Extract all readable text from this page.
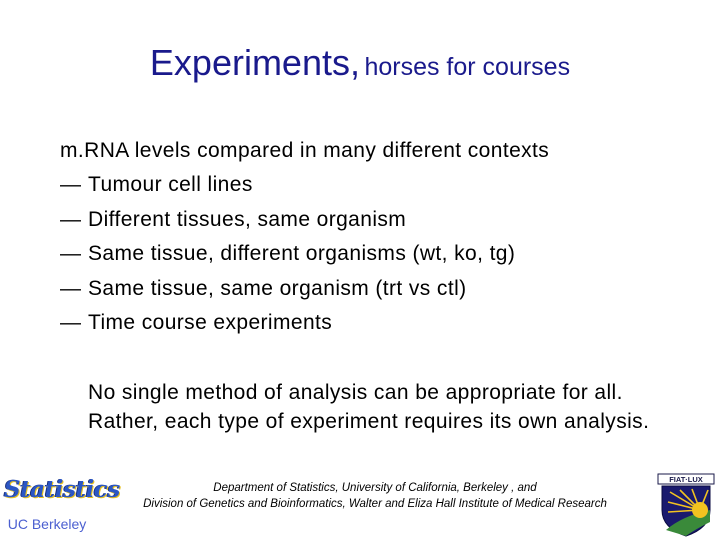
Experiments, horses for courses
m.RNA levels compared in many different contexts
— Tumour cell lines
— Different tissues, same organism
— Same tissue, different organisms (wt, ko, tg)
— Same tissue, same organism (trt vs ctl)
— Time course experiments
No single method of analysis can be appropriate for all. Rather, each type of experiment requires its own analysis.
Statistics
UC Berkeley
Department of Statistics, University of California, Berkeley , and
Division of Genetics and Bioinformatics, Walter and Eliza Hall Institute of Medical Research
FIAT·LUX
